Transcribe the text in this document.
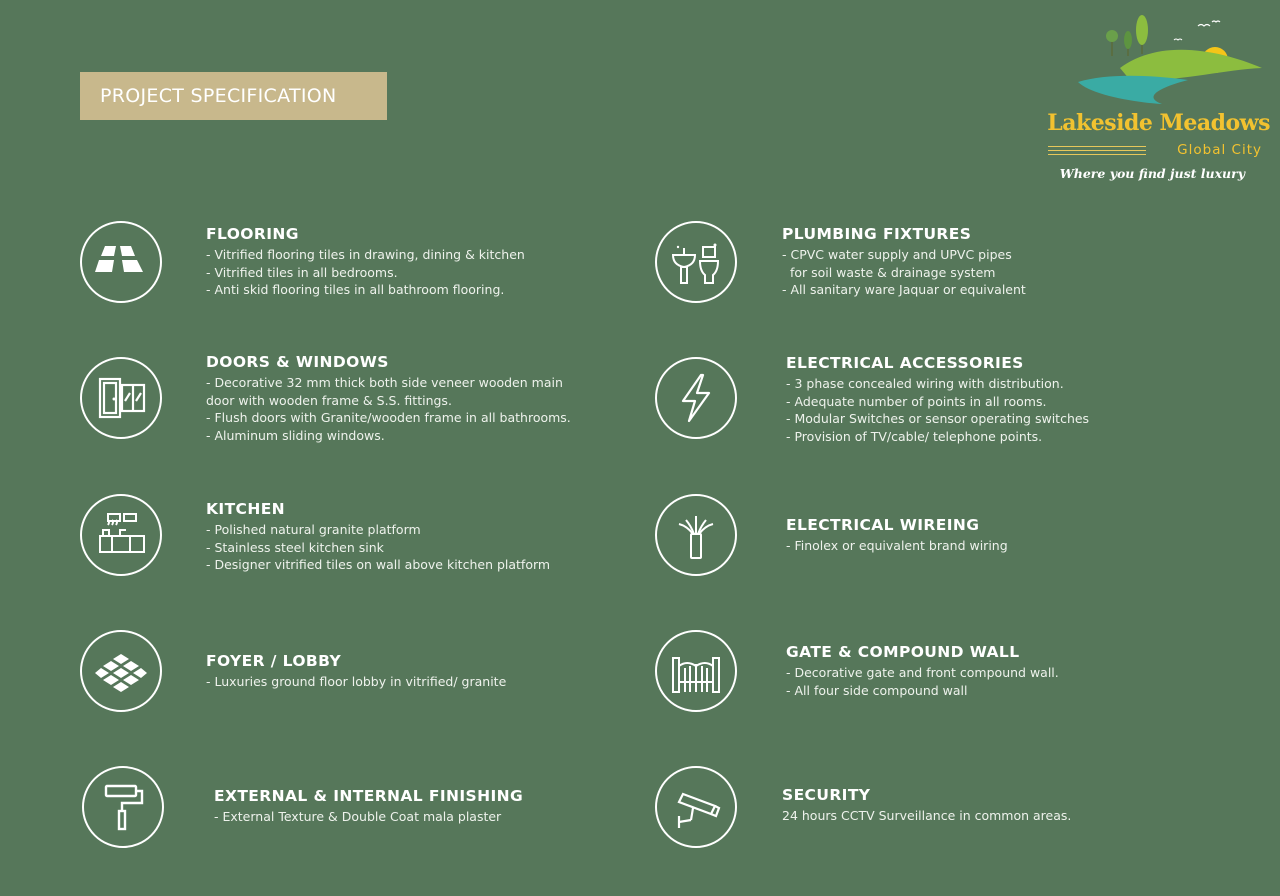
PROJECT SPECIFICATION
Lakeside Meadows
Global City
Where you find just luxury
FLOORING
- Vitrified flooring tiles in drawing, dining & kitchen
- Vitrified tiles in all bedrooms.
- Anti skid flooring tiles in all bathroom flooring.
DOORS & WINDOWS
- Decorative 32 mm thick both side veneer wooden main
door with wooden frame & S.S. fittings.
- Flush doors with Granite/wooden frame in all bathrooms.
- Aluminum sliding windows.
KITCHEN
- Polished natural granite platform
- Stainless steel kitchen sink
- Designer vitrified tiles on wall above kitchen platform
FOYER / LOBBY
- Luxuries ground floor lobby in vitrified/ granite
EXTERNAL & INTERNAL FINISHING
- External Texture & Double Coat mala plaster
PLUMBING FIXTURES
- CPVC water supply and UPVC pipes
for soil waste & drainage system
- All sanitary ware Jaquar or equivalent
ELECTRICAL ACCESSORIES
- 3 phase concealed wiring with distribution.
- Adequate number of points in all rooms.
- Modular Switches or sensor operating switches
- Provision of TV/cable/ telephone points.
ELECTRICAL WIREING
- Finolex or equivalent brand wiring
GATE & COMPOUND WALL
- Decorative gate and front compound wall.
- All four side compound wall
SECURITY
24 hours CCTV Surveillance in common areas.
